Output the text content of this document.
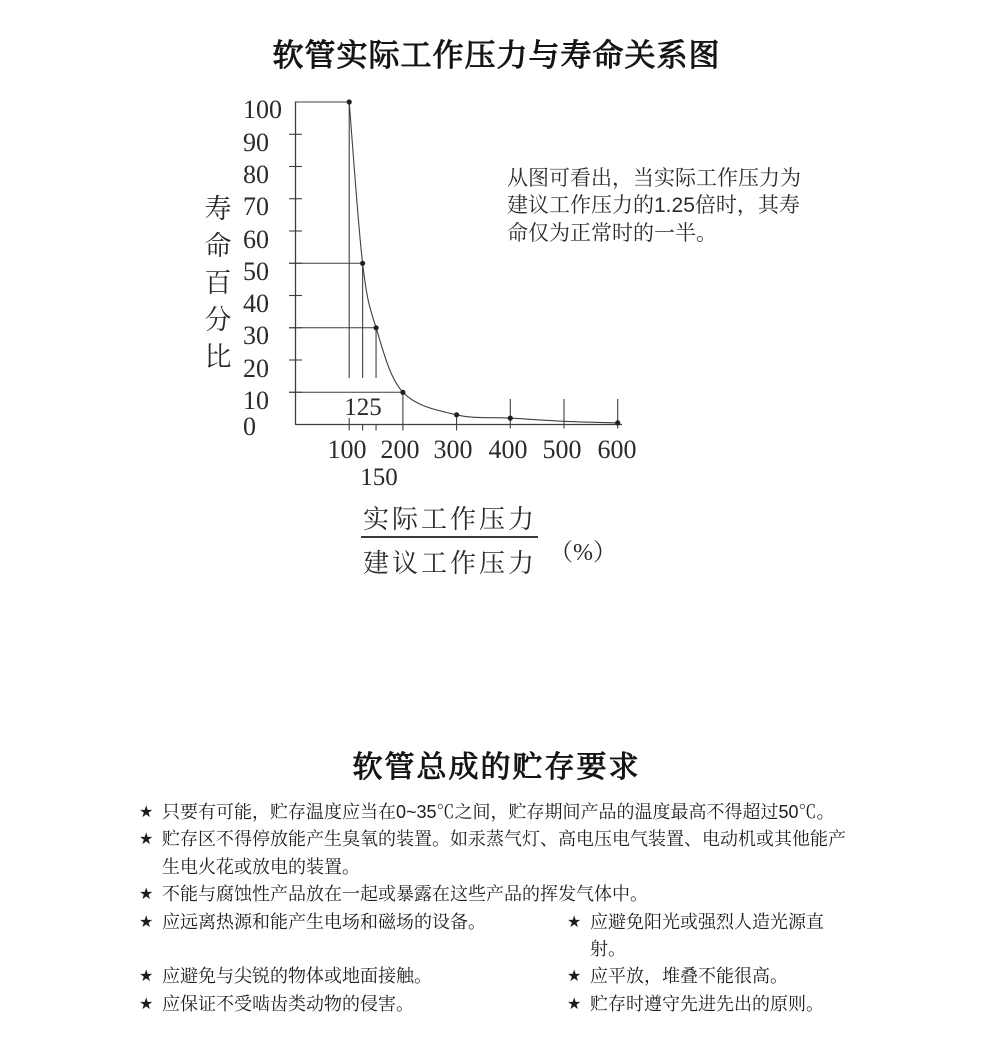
软管实际工作压力与寿命关系图
寿
命
百
分
比
100
90
80
70
60
50
40
30
20
10
0
100 200 300 400 500 600
125
150
从图可看出，当实际工作压力为
建议工作压力的1.25倍时，其寿
命仅为正常时的一半。
实际工作压力
建议工作压力 （%）
软管总成的贮存要求
★ 只要有可能，贮存温度应当在0~35℃之间，贮存期间产品的温度最高不得超过50℃。
★ 贮存区不得停放能产生臭氧的装置。如汞蒸气灯、高电压电气装置、电动机或其他能产生电火花或放电的装置。
★ 不能与腐蚀性产品放在一起或暴露在这些产品的挥发气体中。
★ 应远离热源和能产生电场和磁场的设备。	★ 应避免阳光或强烈人造光源直射。
★ 应避免与尖锐的物体或地面接触。	★ 应平放，堆叠不能很高。
★ 应保证不受啮齿类动物的侵害。	★ 贮存时遵守先进先出的原则。
